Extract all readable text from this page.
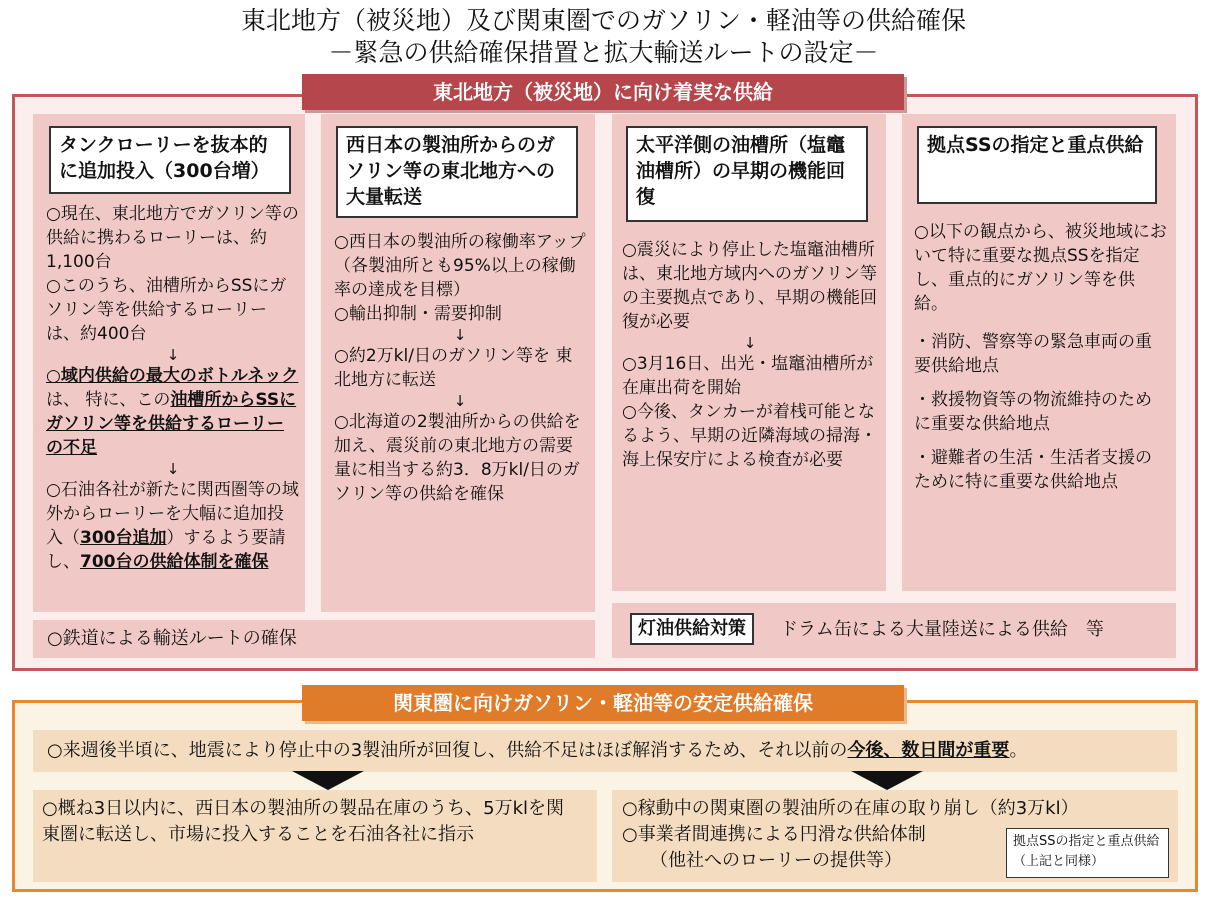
東北地方（被災地）及び関東圏でのガソリン・軽油等の供給確保
－緊急の供給確保措置と拡大輸送ルートの設定－
東北地方（被災地）に向け着実な供給
タンクローリーを抜本的に追加投入（300台増）
西日本の製油所からのガソリン等の東北地方への大量転送
太平洋側の油槽所（塩竈油槽所）の早期の機能回復
拠点SSの指定と重点供給
○現在、東北地方でガソリン等の供給に携わるローリーは、約1,100台
○このうち、油槽所からSSにガソリン等を供給するローリーは、約400台
↓
○域内供給の最大のボトルネックは、 特に、この油槽所からSSにガソリン等を供給するローリーの不足
↓
○石油各社が新たに関西圏等の域外からローリーを大幅に追加投入（300台追加）するよう要請し、700台の供給体制を確保
○西日本の製油所の稼働率アップ（各製油所とも95%以上の稼働率の達成を目標）
○輸出抑制・需要抑制
↓
○約2万kl/日のガソリン等を 東北地方に転送
↓
○北海道の2製油所からの供給を加え、震災前の東北地方の需要量に相当する約3．8万kl/日のガソリン等の供給を確保
○震災により停止した塩竈油槽所は、東北地方域内へのガソリン等の主要拠点であり、早期の機能回復が必要
↓
○3月16日、出光・塩竈油槽所が在庫出荷を開始
○今後、タンカーが着桟可能となるよう、早期の近隣海域の掃海・海上保安庁による検査が必要
○以下の観点から、被災地域において特に重要な拠点SSを指定し、重点的にガソリン等を供給。
・消防、警察等の緊急車両の重要供給地点
・救援物資等の物流維持のために重要な供給地点
・避難者の生活・生活者支援のために特に重要な供給地点
○鉄道による輸送ルートの確保	灯油供給対策	ドラム缶による大量陸送による供給　等
関東圏に向けガソリン・軽油等の安定供給確保
○来週後半頃に、地震により停止中の3製油所が回復し、供給不足はほぼ解消するため、それ以前の今後、数日間が重要。
○概ね3日以内に、西日本の製油所の製品在庫のうち、5万klを関東圏に転送し、市場に投入することを石油各社に指示
○稼動中の関東圏の製油所の在庫の取り崩し（約3万kl）
○事業者間連携による円滑な供給体制
（他社へのローリーの提供等）
拠点SSの指定と重点供給（上記と同様）
